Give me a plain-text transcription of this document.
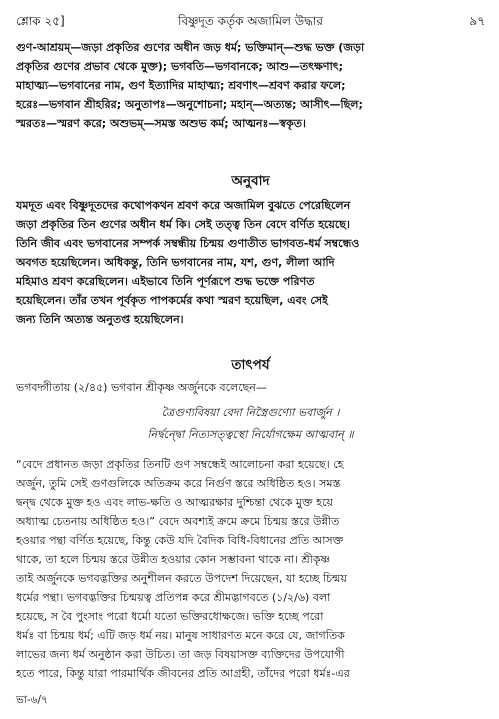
শ্লোক ২৫]	বিষ্ণুদূত কর্তৃক অজামিল উদ্ধার	৯৭
গুণ-আশ্রয়ম্—জড়া প্রকৃতির গুণের অধীন জড় ধর্ম; ভক্তিমান্—শুদ্ধ ভক্ত (জড়া
প্রকৃতির গুণের প্রভাব থেকে মুক্ত); ভগবতি—ভগবানকে; আশু—তৎক্ষণাৎ;
মাহাত্ম্য—ভগবানের নাম, গুণ ইত্যাদির মাহাত্ম্য; শ্রবণাৎ—শ্রবণ করার ফলে;
হরেঃ—ভগবান শ্রীহরির; অনুতাপঃ—অনুশোচনা; মহান্—অত্যন্ত; আসীৎ—ছিল;
স্মরতঃ—স্মরণ করে; অশুভম্—সমস্ত অশুভ কর্ম; আত্মনঃ—স্বকৃত।
অনুবাদ
যমদূত এবং বিষ্ণুদূতদের কথোপকথন শ্রবণ করে অজামিল বুঝতে পেরেছিলেন
জড়া প্রকৃতির তিন গুণের অধীন ধর্ম কি। সেই তত্ত্ব তিন বেদে বর্ণিত হয়েছে।
তিনি জীব এবং ভগবানের সম্পর্ক সম্বন্ধীয় চিন্ময় গুণাতীত ভাগবত-ধর্ম সম্বন্ধেও
অবগত হয়েছিলেন। অধিকন্তু, তিনি ভগবানের নাম, যশ, গুণ, লীলা আদি
মহিমাও শ্রবণ করেছিলেন। এইভাবে তিনি পূর্ণরূপে শুদ্ধ ভক্তে পরিণত
হয়েছিলেন। তাঁর তখন পূর্বকৃত পাপকর্মের কথা স্মরণ হয়েছিল, এবং সেই
জন্য তিনি অত্যন্ত অনুতপ্ত হয়েছিলেন।
তাৎপর্য
ভগবদ্গীতায় (২/৪৫) ভগবান শ্রীকৃষ্ণ অর্জুনকে বলেছেন—
ত্রৈগুণ্যবিষয়া বেদা নিস্ত্রৈগুণ্যো ভবার্জুন ।
নির্দ্বন্দ্বো নিত্যসত্ত্বস্থো নির্যোগক্ষেম আত্মবান্ ॥
“বেদে প্রধানত জড়া প্রকৃতির তিনটি গুণ সম্বন্ধেই আলোচনা করা হয়েছে। হে
অর্জুন, তুমি সেই গুণগুলিকে অতিক্রম করে নির্গুণ স্তরে অধিষ্ঠিত হও। সমস্ত
দ্বন্দ্ব থেকে মুক্ত হও এবং লাভ-ক্ষতি ও আত্মরক্ষার দুশ্চিন্তা থেকে মুক্ত হয়ে
অধ্যাত্ম চেতনায় অধিষ্ঠিত হও।” বেদে অবশ্যই ক্রমে ক্রমে চিন্ময় স্তরে উন্নীত
হওয়ার পন্থা বর্ণিত হয়েছে, কিন্তু কেউ যদি বৈদিক বিধি-বিধানের প্রতি আসক্ত
থাকে, তা হলে চিন্ময় স্তরে উন্নীত হওয়ার কোন সম্ভাবনা থাকে না। শ্রীকৃষ্ণ
তাই অর্জুনকে ভগবদ্ভক্তির অনুশীলন করতে উপদেশ দিয়েছেন, যা হচ্ছে চিন্ময়
ধর্মের পন্থা। ভগবদ্ভক্তির চিন্ময়ত্ব প্রতিপন্ন করে শ্রীমদ্ভাগবতে (১/২/৬) বলা
হয়েছে, স বৈ পুংসাং পরো ধর্মো যতো ভক্তিরধোক্ষজে। ভক্তি হচ্ছে পরো
ধর্মঃ বা চিন্ময় ধর্ম; এটি জড় ধর্ম নয়। মানুষ সাধারণত মনে করে যে, জাগতিক
লাভের জন্য ধর্ম অনুষ্ঠান করা উচিত। তা জড় বিষয়াসক্ত ব্যক্তিদের উপযোগী
হতে পারে, কিন্তু যারা পারমার্থিক জীবনের প্রতি আগ্রহী, তাঁদের পরো ধর্মঃ-এর
ভা-৬/৭
